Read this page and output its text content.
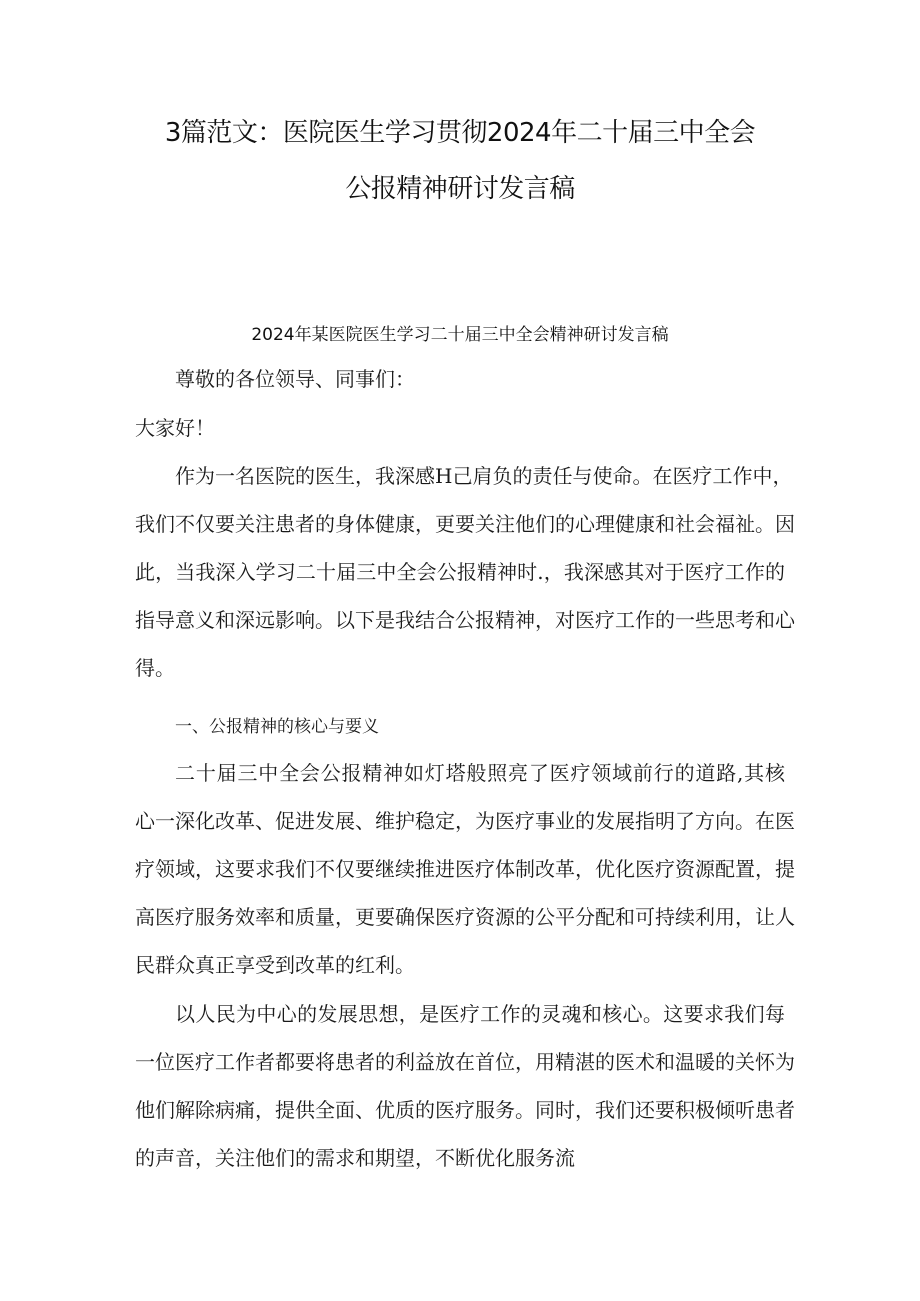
3篇范文：医院医生学习贯彻2024年二十届三中全会
公报精神研讨发言稿
2024年某医院医生学习二十届三中全会精神研讨发言稿
尊敬的各位领导、同事们：
大家好！
作为一名医院的医生，我深感H己肩负的责任与使命。在医疗工作中，
我们不仅要关注患者的身体健康，更要关注他们的心理健康和社会福祉。因
此，当我深入学习二十届三中全会公报精神时.，我深感其对于医疗工作的
指导意义和深远影响。以下是我结合公报精神，对医疗工作的一些思考和心
得。
一、公报精神的核心与要义
二十届三中全会公报精神如灯塔般照亮了医疗领域前行的道路,其核
心一深化改革、促进发展、维护稳定，为医疗事业的发展指明了方向。在医
疗领域，这要求我们不仅要继续推进医疗体制改革，优化医疗资源配置，提
高医疗服务效率和质量，更要确保医疗资源的公平分配和可持续利用，让人
民群众真正享受到改革的红利。
以人民为中心的发展思想，是医疗工作的灵魂和核心。这要求我们每
一位医疗工作者都要将患者的利益放在首位，用精湛的医术和温暖的关怀为
他们解除病痛，提供全面、优质的医疗服务。同时，我们还要积极倾听患者
的声音，关注他们的需求和期望，不断优化服务流
